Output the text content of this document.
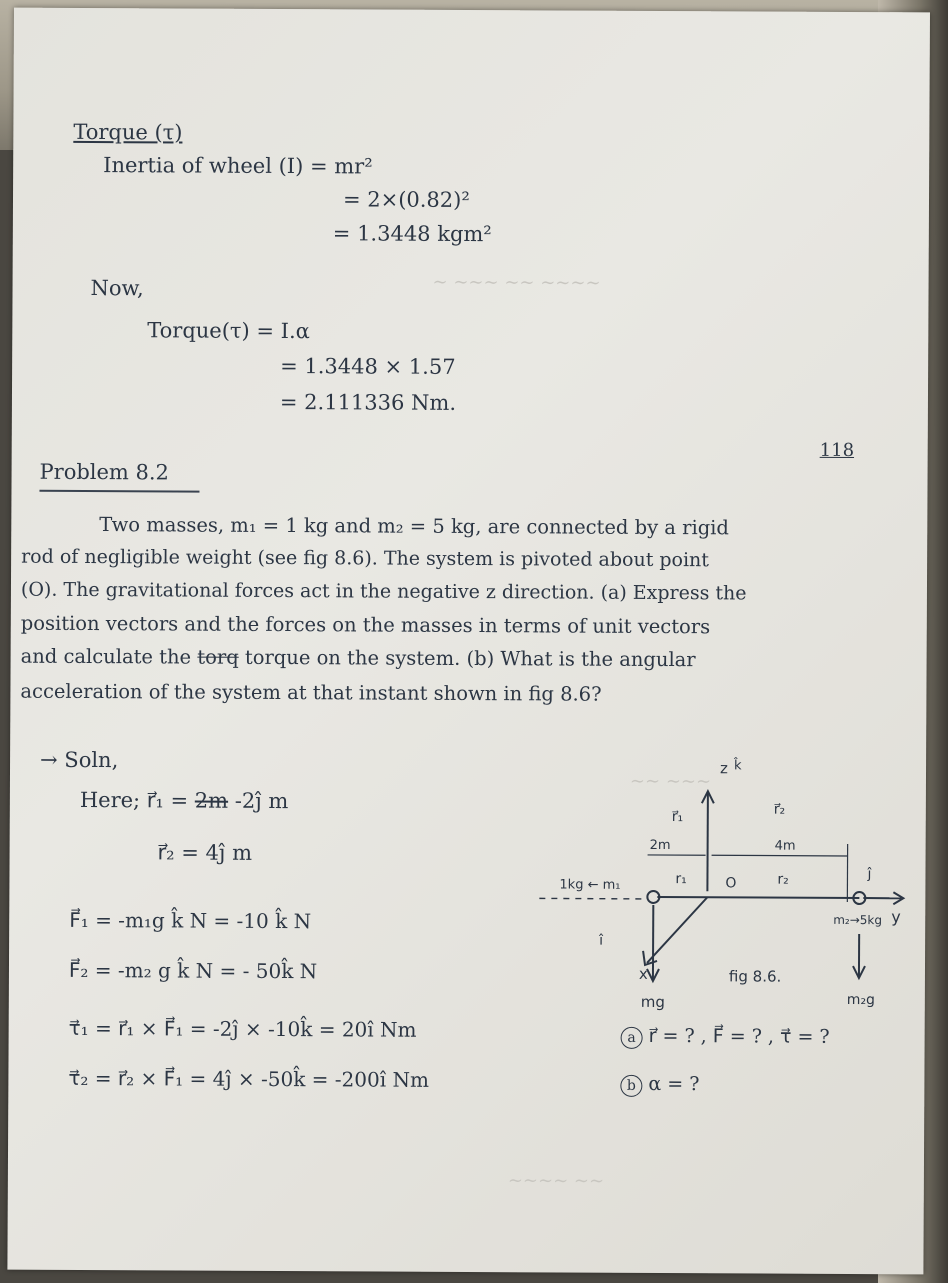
~ ~~~ ~~ ~~~~
~~ ~~~
~~~~ ~~
Torque (τ)
Inertia of wheel (I) = mr²
= 2×(0.82)²
= 1.3448 kgm²
Now,
Torque(τ) = I.α
= 1.3448 × 1.57
= 2.111336 Nm.
118
Problem 8.2
Two masses, m₁ = 1 kg and m₂ = 5 kg, are connected by a rigid
rod of negligible weight (see fig 8.6). The system is pivoted about point
(O). The gravitational forces act in the negative z direction. (a) Express the
position vectors and the forces on the masses in terms of unit vectors
and calculate the torq torque on the system. (b) What is the angular
acceleration of the system at that instant shown in fig 8.6?
→ Soln,
Here; r⃗₁ = 2m -2ĵ m
r⃗₂ = 4ĵ m
F⃗₁ = -m₁g k̂ N = -10 k̂ N
F⃗₂ = -m₂ g k̂ N = - 50k̂ N
τ⃗₁ = r⃗₁ × F⃗₁ = -2ĵ × -10k̂ = 20î Nm
τ⃗₂ = r⃗₂ × F⃗₁ = 4ĵ × -50k̂ = -200î Nm
z k̂
r⃗₁	r⃗₂
2m	4m
r₁	r₂
O
1kg ← m₁
ĵ
y
m₂→5kg
î
x
mg	m₂g
fig 8.6.
a r⃗ = ? , F⃗ = ? , τ⃗ = ?
b α = ?
